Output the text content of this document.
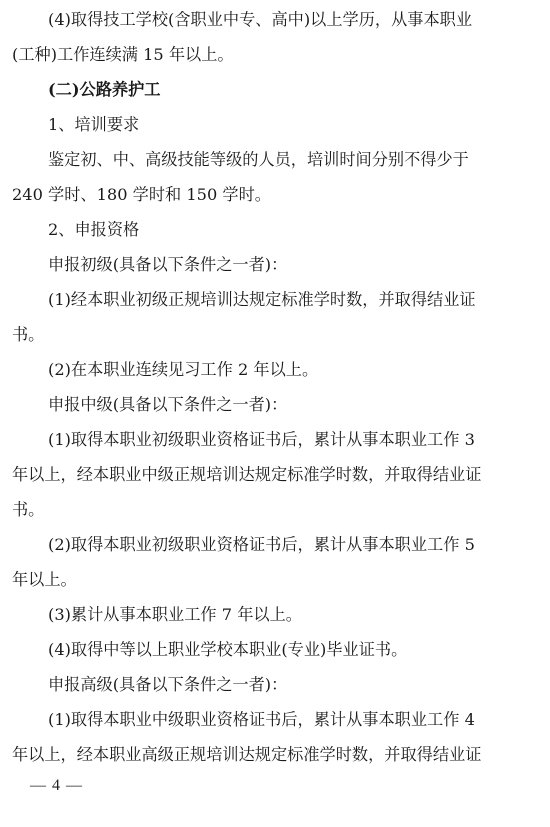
(4)取得技工学校(含职业中专、高中)以上学历，从事本职业
(工种)工作连续满 15 年以上。
(二)公路养护工
1、培训要求
鉴定初、中、高级技能等级的人员，培训时间分别不得少于
240 学时、180 学时和 150 学时。
2、申报资格
申报初级(具备以下条件之一者)：
(1)经本职业初级正规培训达规定标准学时数，并取得结业证
书。
(2)在本职业连续见习工作 2 年以上。
申报中级(具备以下条件之一者)：
(1)取得本职业初级职业资格证书后，累计从事本职业工作 3
年以上，经本职业中级正规培训达规定标准学时数，并取得结业证
书。
(2)取得本职业初级职业资格证书后，累计从事本职业工作 5
年以上。
(3)累计从事本职业工作 7 年以上。
(4)取得中等以上职业学校本职业(专业)毕业证书。
申报高级(具备以下条件之一者)：
(1)取得本职业中级职业资格证书后，累计从事本职业工作 4
年以上，经本职业高级正规培训达规定标准学时数，并取得结业证
— 4 —
